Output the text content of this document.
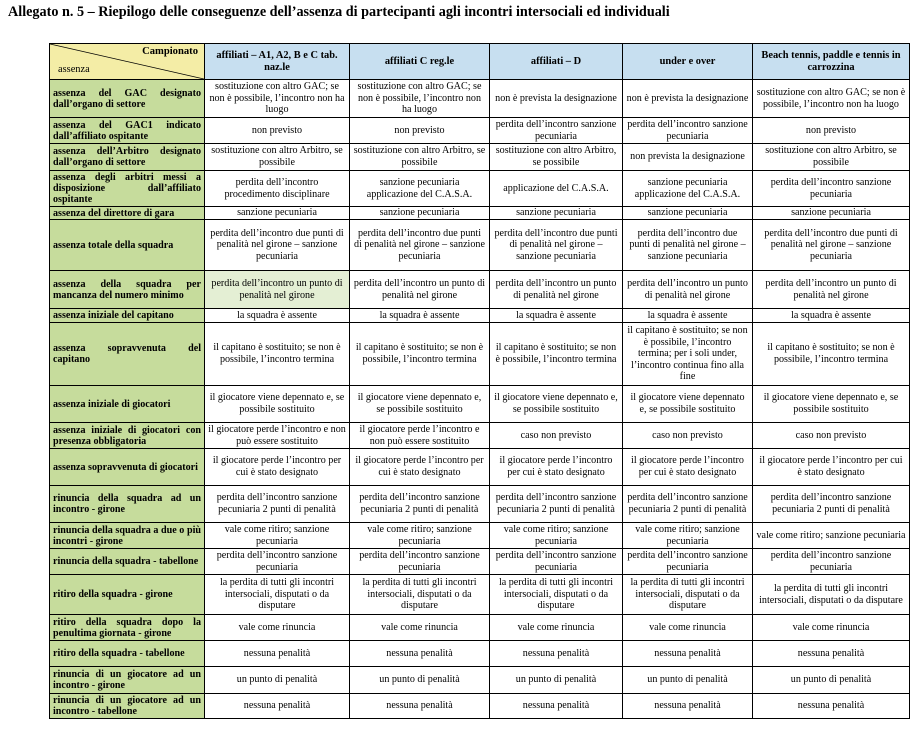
Allegato n. 5 – Riepilogo delle conseguenze dell’assenza di partecipanti agli incontri intersociali ed individuali
Campionato
assenza	affiliati – A1, A2, B e C tab. naz.le	affiliati C reg.le	affiliati – D	under e over	Beach tennis, paddle e tennis in carrozzina
assenza del GAC designato dall’organo di settore	sostituzione con altro GAC; se non è possibile, l’incontro non ha luogo	sostituzione con altro GAC; se non è possibile, l’incontro non ha luogo	non è prevista la designazione	non è prevista la designazione	sostituzione con altro GAC; se non è possibile, l’incontro non ha luogo
assenza del GAC1 indicato dall’affiliato ospitante	non previsto	non previsto	perdita dell’incontro sanzione pecuniaria	perdita dell’incontro sanzione pecuniaria	non previsto
assenza dell’Arbitro designato dall’organo di settore	sostituzione con altro Arbitro, se possibile	sostituzione con altro Arbitro, se possibile	sostituzione con altro Arbitro, se possibile	non prevista la designazione	sostituzione con altro Arbitro, se possibile
assenza degli arbitri messi a disposizione dall’affiliato ospitante	perdita dell’incontro procedimento disciplinare	sanzione pecuniaria applicazione del C.A.S.A.	applicazione del C.A.S.A.	sanzione pecuniaria applicazione del C.A.S.A.	perdita dell’incontro sanzione pecuniaria
assenza del direttore di gara	sanzione pecuniaria	sanzione pecuniaria	sanzione pecuniaria	sanzione pecuniaria	sanzione pecuniaria
assenza totale della squadra	perdita dell’incontro due punti di penalità nel girone – sanzione pecuniaria	perdita dell’incontro due punti di penalità nel girone – sanzione pecuniaria	perdita dell’incontro due punti di penalità nel girone – sanzione pecuniaria	perdita dell’incontro due punti di penalità nel girone – sanzione pecuniaria	perdita dell’incontro due punti di penalità nel girone – sanzione pecuniaria
assenza della squadra per mancanza del numero minimo	perdita dell’incontro un punto di penalità nel girone	perdita dell’incontro un punto di penalità nel girone	perdita dell’incontro un punto di penalità nel girone	perdita dell’incontro un punto di penalità nel girone	perdita dell’incontro un punto di penalità nel girone
assenza iniziale del capitano	la squadra è assente	la squadra è assente	la squadra è assente	la squadra è assente	la squadra è assente
assenza sopravvenuta del capitano	il capitano è sostituito; se non è possibile, l’incontro termina	il capitano è sostituito; se non è possibile, l’incontro termina	il capitano è sostituito; se non è possibile, l’incontro termina	il capitano è sostituito; se non è possibile, l’incontro termina; per i soli under, l’incontro continua fino alla fine	il capitano è sostituito; se non è possibile, l’incontro termina
assenza iniziale di giocatori	il giocatore viene depennato e, se possibile sostituito	il giocatore viene depennato e, se possibile sostituito	il giocatore viene depennato e, se possibile sostituito	il giocatore viene depennato e, se possibile sostituito	il giocatore viene depennato e, se possibile sostituito
assenza iniziale di giocatori con presenza obbligatoria	il giocatore perde l’incontro e non può essere sostituito	il giocatore perde l’incontro e non può essere sostituito	caso non previsto	caso non previsto	caso non previsto
assenza sopravvenuta di giocatori	il giocatore perde l’incontro per cui è stato designato	il giocatore perde l’incontro per cui è stato designato	il giocatore perde l’incontro per cui è stato designato	il giocatore perde l’incontro per cui è stato designato	il giocatore perde l’incontro per cui è stato designato
rinuncia della squadra ad un incontro - girone	perdita dell’incontro sanzione pecuniaria 2 punti di penalità	perdita dell’incontro sanzione pecuniaria 2 punti di penalità	perdita dell’incontro sanzione pecuniaria 2 punti di penalità	perdita dell’incontro sanzione pecuniaria 2 punti di penalità	perdita dell’incontro sanzione pecuniaria 2 punti di penalità
rinuncia della squadra a due o più incontri - girone	vale come ritiro; sanzione pecuniaria	vale come ritiro; sanzione pecuniaria	vale come ritiro; sanzione pecuniaria	vale come ritiro; sanzione pecuniaria	vale come ritiro; sanzione pecuniaria
rinuncia della squadra - tabellone	perdita dell’incontro sanzione pecuniaria	perdita dell’incontro sanzione pecuniaria	perdita dell’incontro sanzione pecuniaria	perdita dell’incontro sanzione pecuniaria	perdita dell’incontro sanzione pecuniaria
ritiro della squadra - girone	la perdita di tutti gli incontri intersociali, disputati o da disputare	la perdita di tutti gli incontri intersociali, disputati o da disputare	la perdita di tutti gli incontri intersociali, disputati o da disputare	la perdita di tutti gli incontri intersociali, disputati o da disputare	la perdita di tutti gli incontri intersociali, disputati o da disputare
ritiro della squadra dopo la penultima giornata - girone	vale come rinuncia	vale come rinuncia	vale come rinuncia	vale come rinuncia	vale come rinuncia
ritiro della squadra - tabellone	nessuna penalità	nessuna penalità	nessuna penalità	nessuna penalità	nessuna penalità
rinuncia di un giocatore ad un incontro - girone	un punto di penalità	un punto di penalità	un punto di penalità	un punto di penalità	un punto di penalità
rinuncia di un giocatore ad un incontro - tabellone	nessuna penalità	nessuna penalità	nessuna penalità	nessuna penalità	nessuna penalità
